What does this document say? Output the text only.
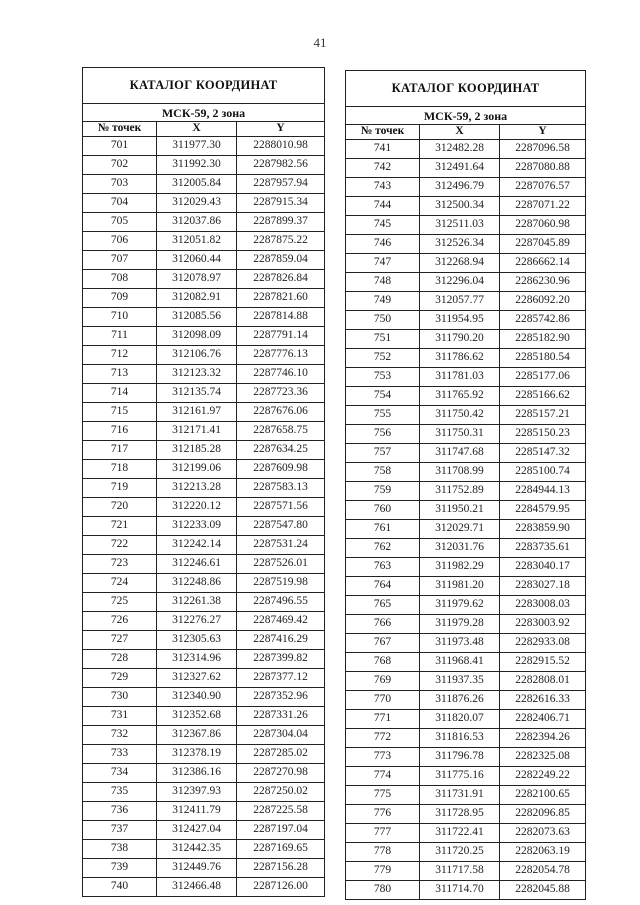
41
КАТАЛОГ КООРДИНАТ		
МСК-59, 2 зона		
№ точек	X	Y
701	311977.30	2288010.98
702	311992.30	2287982.56
703	312005.84	2287957.94
704	312029.43	2287915.34
705	312037.86	2287899.37
706	312051.82	2287875.22
707	312060.44	2287859.04
708	312078.97	2287826.84
709	312082.91	2287821.60
710	312085.56	2287814.88
711	312098.09	2287791.14
712	312106.76	2287776.13
713	312123.32	2287746.10
714	312135.74	2287723.36
715	312161.97	2287676.06
716	312171.41	2287658.75
717	312185.28	2287634.25
718	312199.06	2287609.98
719	312213.28	2287583.13
720	312220.12	2287571.56
721	312233.09	2287547.80
722	312242.14	2287531.24
723	312246.61	2287526.01
724	312248.86	2287519.98
725	312261.38	2287496.55
726	312276.27	2287469.42
727	312305.63	2287416.29
728	312314.96	2287399.82
729	312327.62	2287377.12
730	312340.90	2287352.96
731	312352.68	2287331.26
732	312367.86	2287304.04
733	312378.19	2287285.02
734	312386.16	2287270.98
735	312397.93	2287250.02
736	312411.79	2287225.58
737	312427.04	2287197.04
738	312442.35	2287169.65
739	312449.76	2287156.28
740	312466.48	2287126.00
КАТАЛОГ КООРДИНАТ		
МСК-59, 2 зона		
№ точек	X	Y
741	312482.28	2287096.58
742	312491.64	2287080.88
743	312496.79	2287076.57
744	312500.34	2287071.22
745	312511.03	2287060.98
746	312526.34	2287045.89
747	312268.94	2286662.14
748	312296.04	2286230.96
749	312057.77	2286092.20
750	311954.95	2285742.86
751	311790.20	2285182.90
752	311786.62	2285180.54
753	311781.03	2285177.06
754	311765.92	2285166.62
755	311750.42	2285157.21
756	311750.31	2285150.23
757	311747.68	2285147.32
758	311708.99	2285100.74
759	311752.89	2284944.13
760	311950.21	2284579.95
761	312029.71	2283859.90
762	312031.76	2283735.61
763	311982.29	2283040.17
764	311981.20	2283027.18
765	311979.62	2283008.03
766	311979.28	2283003.92
767	311973.48	2282933.08
768	311968.41	2282915.52
769	311937.35	2282808.01
770	311876.26	2282616.33
771	311820.07	2282406.71
772	311816.53	2282394.26
773	311796.78	2282325.08
774	311775.16	2282249.22
775	311731.91	2282100.65
776	311728.95	2282096.85
777	311722.41	2282073.63
778	311720.25	2282063.19
779	311717.58	2282054.78
780	311714.70	2282045.88
